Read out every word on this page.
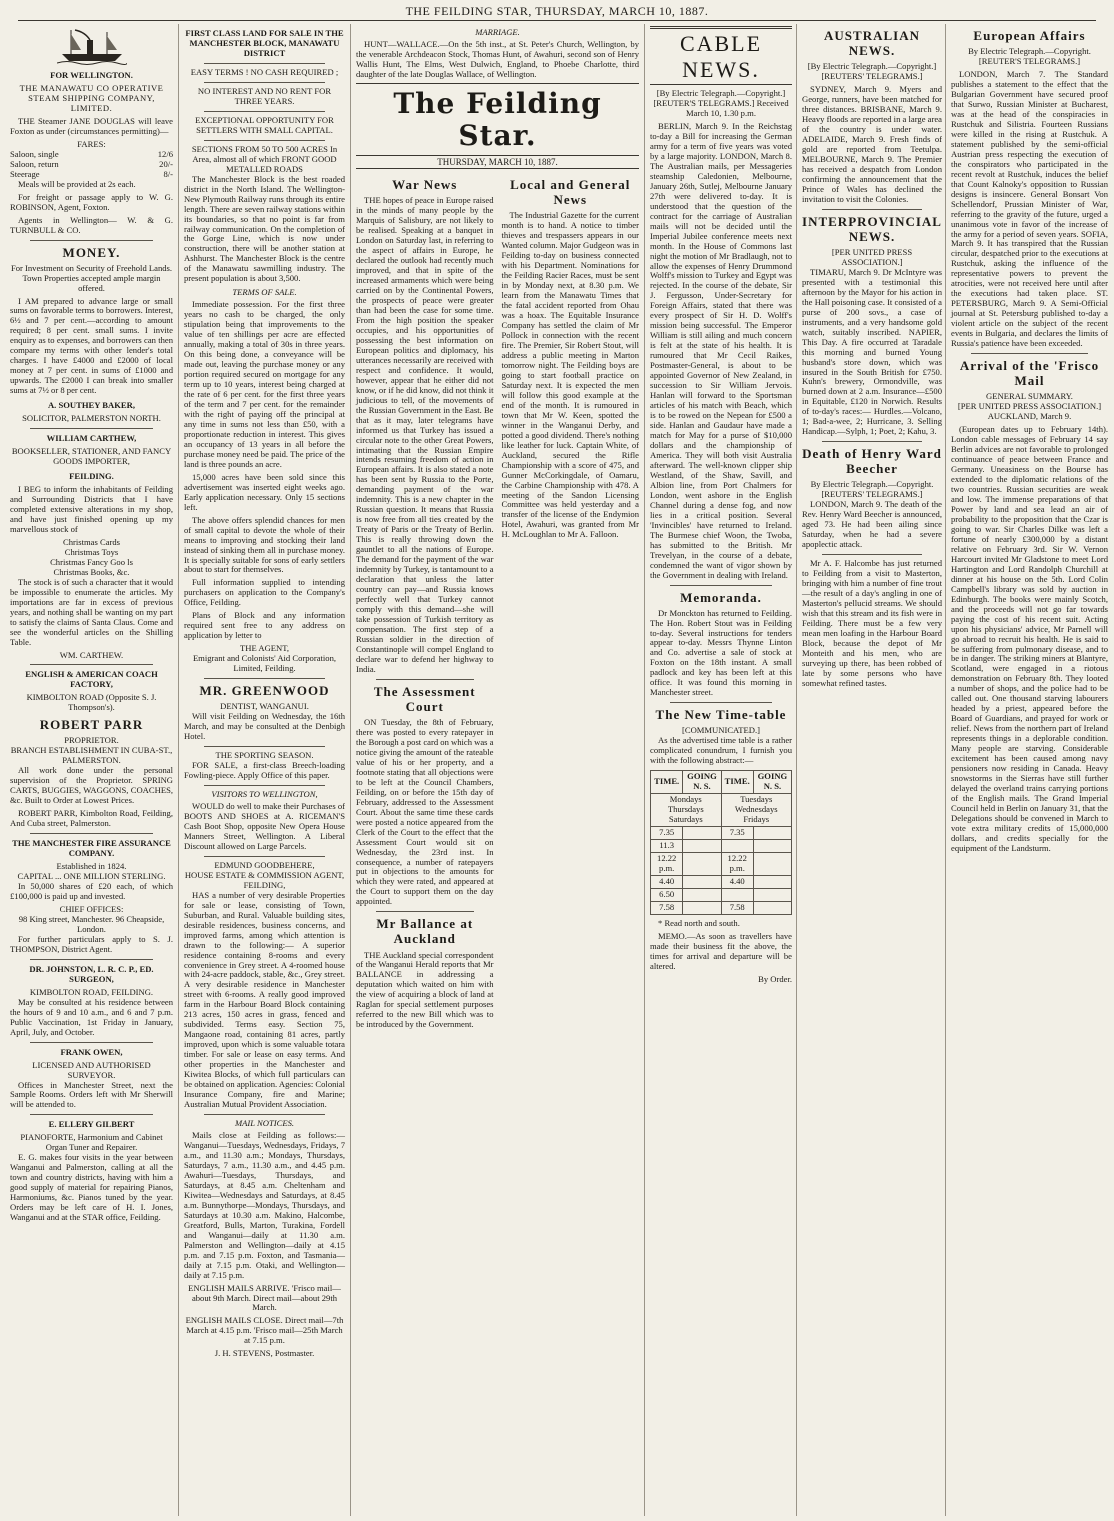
THE FEILDING STAR, THURSDAY, MARCH 10, 1887.
FOR WELLINGTON.

THE MANAWATU CO OPERATIVE STEAM SHIPPING COMPANY, LIMITED.

THE Steamer JANE DOUGLAS will leave Foxton as under (circumstances permitting)—

FARES:
Saloon, single	12/6
Saloon, return	20/-
Steerage	8/-

Meals will be provided at 2s each.

For freight or passage apply to W. G. ROBINSON, Agent, Foxton.

Agents in Wellington— W. & G. TURNBULL & CO.

MONEY.

For Investment on Security of Freehold Lands. Town Properties accepted ample margin offered.

I AM prepared to advance large or small sums on favorable terms to borrowers. Interest, 6½ and 7 per cent.—according to amount required; 8 per cent. small sums. I invite enquiry as to expenses, and borrowers can then compare my terms with other lender's total charges. I have £4000 and £2000 of local money at 7 per cent. in sums of £1000 and upwards. The £2000 I can break into smaller sums at 7½ or 8 per cent.

A. SOUTHEY BAKER,
SOLICITOR, PALMERSTON NORTH.
WILLIAM CARTHEW,
BOOKSELLER, STATIONER, AND FANCY GOODS IMPORTER,
FEILDING.

I BEG to inform the inhabitants of Feilding and Surrounding Districts that I have completed extensive alterations in my shop, and have just finished opening up my marvellous stock of

Christmas Cards
Christmas Toys
Christmas Fancy Goo ls
Christmas Books, &c.

The stock is of such a character that it would be impossible to enumerate the articles. My importations are far in excess of previous years, and nothing shall be wanting on my part to satisfy the claims of Santa Claus. Come and see the wonderful articles on the Shilling Table.

WM. CARTHEW.
ENGLISH & AMERICAN COACH FACTORY,
KIMBOLTON ROAD (Opposite S. J. Thompson's).
ROBERT PARR
PROPRIETOR.
BRANCH ESTABLISHMENT IN CUBA-ST., PALMERSTON.

All work done under the personal supervision of the Proprietor. SPRING CARTS, BUGGIES, WAGGONS, COACHES, &c. Built to Order at Lowest Prices.

ROBERT PARR, Kimbolton Road, Feilding, And Cuba street, Palmerston.

THE MANCHESTER FIRE ASSURANCE COMPANY.
Established in 1824.
CAPITAL ... ONE MILLION STERLING.

In 50,000 shares of £20 each, of which £100,000 is paid up and invested.

CHIEF OFFICES:
98 King street, Manchester. 96 Cheapside, London.

For further particulars apply to S. J. THOMPSON, District Agent.

DR. JOHNSTON, L. R. C. P., ED. SURGEON,
KIMBOLTON ROAD, FEILDING.

May be consulted at his residence between the hours of 9 and 10 a.m., and 6 and 7 p.m. Public Vaccination, 1st Friday in January, April, July, and October.

FRANK OWEN,
LICENSED AND AUTHORISED SURVEYOR.

Offices in Manchester Street, next the Sample Rooms. Orders left with Mr Sherwill will be attended to.

E. ELLERY GILBERT
PIANOFORTE, Harmonium and Cabinet Organ Tuner and Repairer.

E. G. makes four visits in the year between Wanganui and Palmerston, calling at all the town and country districts, having with him a good supply of material for repairing Pianos, Harmoniums, &c. Pianos tuned by the year. Orders may be left care of H. I. Jones, Wanganui and at the STAR office, Feilding.

FIRST CLASS LAND FOR SALE IN THE MANCHESTER BLOCK, MANAWATU DISTRICT
EASY TERMS ! NO CASH REQUIRED ;
NO INTEREST AND NO RENT FOR THREE YEARS.
EXCEPTIONAL OPPORTUNITY FOR SETTLERS WITH SMALL CAPITAL.
SECTIONS FROM 50 TO 500 ACRES In Area, almost all of which FRONT GOOD METALLED ROADS

The Manchester Block is the best roaded district in the North Island. The Wellington-New Plymouth Railway runs through its entire length. There are seven railway stations within its boundaries, so that no point is far from railway communication. On the completion of the Gorge Line, which is now under construction, there will be another station at Ashhurst. The Manchester Block is the centre of the Manawatu sawmilling industry. The present population is about 3,500.

TERMS OF SALE.

Immediate possession. For the first three years no cash to be charged, the only stipulation being that improvements to the value of ten shillings per acre are effected annually, making a total of 30s in three years. On this being done, a conveyance will be made out, leaving the purchase money or any portion required secured on mortgage for any term up to 10 years, interest being charged at the rate of 6 per cent. for the first three years of the term and 7 per cent. for the remainder with the right of paying off the principal at any time in sums not less than £50, with a proportionate reduction in interest. This gives an occupancy of 13 years in all before the purchase money need be paid. The price of the land is three pounds an acre.

15,000 acres have been sold since this advertisement was inserted eight weeks ago. Early application necessary. Only 15 sections left.

The above offers splendid chances for men of small capital to devote the whole of their means to improving and stocking their land instead of sinking them all in purchase money. It is specially suitable for sons of early settlers about to start for themselves.

Full information supplied to intending purchasers on application to the Company's Office, Feilding.

Plans of Block and any information required sent free to any address on application by letter to

THE AGENT,
Emigrant and Colonists' Aid Corporation, Limited, Feilding.
MR. GREENWOOD
DENTIST, WANGANUI.

Will visit Feilding on Wednesday, the 16th March, and may be consulted at the Denbigh Hotel.

THE SPORTING SEASON.

FOR SALE, a first-class Breech-loading Fowling-piece. Apply Office of this paper.

VISITORS TO WELLINGTON,

WOULD do well to make their Purchases of BOOTS AND SHOES at A. RICEMAN'S Cash Boot Shop, opposite New Opera House Manners Street, Wellington. A Liberal Discount allowed on Large Parcels.

EDMUND GOODBEHERE,
HOUSE ESTATE & COMMISSION AGENT, FEILDING,

HAS a number of very desirable Properties for sale or lease, consisting of Town, Suburban, and Rural. Valuable building sites, desirable residences, business concerns, and improved farms, among which attention is drawn to the following:— A superior residence containing 8-rooms and every convenience in Grey street. A 4-roomed house with 24-acre paddock, stable, &c., Grey street. A very desirable residence in Manchester street with 6-rooms. A really good improved farm in the Harbour Board Block containing 213 acres, 150 acres in grass, fenced and subdivided. Terms easy. Section 75, Mangaone road, containing 81 acres, partly improved, upon which is some valuable totara timber. For sale or lease on easy terms. And other properties in the Manchester and Kiwitea Blocks, of which full particulars can be obtained on application. Agencies: Colonial Insurance Company, fire and Marine; Australian Mutual Provident Association.

MAIL NOTICES.

Mails close at Feilding as follows:— Wanganui—Tuesdays, Wednesdays, Fridays, 7 a.m., and 11.30 a.m.; Mondays, Thursdays, Saturdays, 7 a.m., 11.30 a.m., and 4.45 p.m. Awahuri—Tuesdays, Thursdays, and Saturdays, at 8.45 a.m. Cheltenham and Kiwitea—Wednesdays and Saturdays, at 8.45 a.m. Bunnythorpe—Mondays, Thursdays, and Saturdays at 10.30 a.m. Makino, Halcombe, Greatford, Bulls, Marton, Turakina, Fordell and Wanganui—daily at 11.30 a.m. Palmerston and Wellington—daily at 4.15 p.m. and 7.15 p.m. Foxton, and Tasmania—daily at 7.15 p.m. Otaki, and Wellington—daily at 7.15 p.m.

ENGLISH MAILS ARRIVE. 'Frisco mail—about 9th March. Direct mail—about 29th March.

ENGLISH MAILS CLOSE. Direct mail—7th March at 4.15 p.m. 'Frisco mail—25th March at 7.15 p.m.

J. H. STEVENS, Postmaster.
MARRIAGE.

HUNT—WALLACE.—On the 5th inst., at St. Peter's Church, Wellington, by the venerable Archdeacon Stock, Thomas Hunt, of Awahuri, second son of Henry Wallis Hunt, The Elms, West Dulwich, England, to Phoebe Charlotte, third daughter of the late Douglas Wallace, of Wellington.

The Feilding Star.
THURSDAY, MARCH 10, 1887.
War News

THE hopes of peace in Europe raised in the minds of many people by the Marquis of Salisbury, are not likely to be realised. Speaking at a banquet in London on Saturday last, in referring to the aspect of affairs in Europe, he declared the outlook had recently much improved, and that in spite of the increased armaments which were being carried on by the Continental Powers, the prospects of peace were greater than had been the case for some time. From the high position the speaker occupies, and his opportunities of possessing the best information on European politics and diplomacy, his utterances necessarily are received with respect and confidence. It would, however, appear that he either did not know, or if he did know, did not think it judicious to tell, of the movements of the Russian Government in the East. Be that as it may, later telegrams have informed us that Turkey has issued a circular note to the other Great Powers, intimating that the Russian Empire intends resuming freedom of action in European affairs. It is also stated a note has been sent by Russia to the Porte, demanding payment of the war indemnity. This is a new chapter in the Russian question. It means that Russia is now free from all ties created by the Treaty of Paris or the Treaty of Berlin. This is really throwing down the gauntlet to all the nations of Europe. The demand for the payment of the war indemnity by Turkey, is tantamount to a declaration that unless the latter country can pay—and Russia knows perfectly well that Turkey cannot comply with this demand—she will take possession of Turkish territory as compensation. The first step of a Russian soldier in the direction of Constantinople will compel England to declare war to defend her highway to India.

The Assessment Court

ON Tuesday, the 8th of February, there was posted to every ratepayer in the Borough a post card on which was a notice giving the amount of the rateable value of his or her property, and a footnote stating that all objections were to be left at the Council Chambers, Feilding, on or before the 15th day of February, addressed to the Assessment Court. About the same time these cards were posted a notice appeared from the Clerk of the Court to the effect that the Assessment Court would sit on Wednesday, the 23rd inst. In consequence, a number of ratepayers put in objections to the amounts for which they were rated, and appeared at the Court to support them on the day appointed.

Mr Ballance at Auckland

THE Auckland special correspondent of the Wanganui Herald reports that Mr BALLANCE in addressing a deputation which waited on him with the view of acquiring a block of land at Raglan for special settlement purposes referred to the new Bill which was to be introduced by the Government.

Local and General News

The Industrial Gazette for the current month is to hand. A notice to timber thieves and trespassers appears in our Wanted column. Major Gudgeon was in Feilding to-day on business connected with his Department. Nominations for the Feilding Racier Races, must be sent in by Monday next, at 8.30 p.m. We learn from the Manawatu Times that the fatal accident reported from Ohau was a hoax. The Equitable Insurance Company has settled the claim of Mr Pollock in connection with the recent fire. The Premier, Sir Robert Stout, will address a public meeting in Marton tomorrow night. The Feilding boys are going to start football practice on Saturday next. It is expected the men will follow this good example at the end of the month. It is rumoured in town that Mr W. Keen, spotted the winner in the Wanganui Derby, and potted a good dividend. There's nothing like leather for luck. Captain White, of Auckland, secured the Rifle Championship with a score of 475, and Gunner McCorkingdale, of Oamaru, the Carbine Championship with 478. A meeting of the Sandon Licensing Committee was held yesterday and a transfer of the license of the Endymion Hotel, Awahuri, was granted from Mr H. McLoughlan to Mr A. Falloon.

CABLE NEWS.

[By Electric Telegraph.—Copyright.] [REUTER'S TELEGRAMS.] Received March 10, 1.30 p.m.

BERLIN, March 9. In the Reichstag to-day a Bill for increasing the German army for a term of five years was voted by a large majority. LONDON, March 8. The Australian mails, per Messageries steamship Caledonien, Melbourne, January 26th, Sutlej, Melbourne January 27th were delivered to-day. It is understood that the question of the contract for the carriage of Australian mails will not be decided until the Imperial Jubilee conference meets next month. In the House of Commons last night the motion of Mr Bradlaugh, not to allow the expenses of Henry Drummond Wolff's mission to Turkey and Egypt was rejected. In the course of the debate, Sir J. Fergusson, Under-Secretary for Foreign Affairs, stated that there was every prospect of Sir H. D. Wolff's mission being successful. The Emperor William is still ailing and much concern is felt at the state of his health. It is rumoured that Mr Cecil Raikes, Postmaster-General, is about to be appointed Governor of New Zealand, in succession to Sir William Jervois. Hanlan will forward to the Sportsman articles of his match with Beach, which is to be rowed on the Nepean for £500 a side. Hanlan and Gaudaur have made a match for May for a purse of $10,000 dollars and the championship of America. They will both visit Australia afterward. The well-known clipper ship Westland, of the Shaw, Savill, and Albion line, from Port Chalmers for London, went ashore in the English Channel during a dense fog, and now lies in a critical position. Several 'Invincibles' have returned to Ireland. The Burmese chief Woon, the Twoba, has submitted to the British. Mr Trevelyan, in the course of a debate, condemned the want of vigor shown by the Government in dealing with Ireland.

Memoranda.

Dr Monckton has returned to Feilding. The Hon. Robert Stout was in Feilding to-day. Several instructions for tenders appear to-day. Messrs Thynne Linton and Co. advertise a sale of stock at Foxton on the 18th instant. A small padlock and key has been left at this office. It was found this morning in Manchester street.

The New Time-table
[COMMUNICATED.]

As the advertised time table is a rather complicated conundrum, I furnish you with the following abstract:—

TIME.	GOING N. S.	TIME.	GOING N. S.
Mondays Thursdays Saturdays		Tuesdays Wednesdays Fridays	
7.35		7.35	
11.3			
12.22 p.m.		12.22 p.m.	
4.40		4.40	
6.50			
7.58		7.58	

* Read north and south.

MEMO.—As soon as travellers have made their business fit the above, the times for arrival and departure will be altered.

By Order.
AUSTRALIAN NEWS.

[By Electric Telegraph.—Copyright.] [REUTERS' TELEGRAMS.]

SYDNEY, March 9. Myers and George, runners, have been matched for three distances. BRISBANE, March 9. Heavy floods are reported in a large area of the country is under water. ADELAIDE, March 9. Fresh finds of gold are reported from Teetulpa. MELBOURNE, March 9. The Premier has received a despatch from London confirming the announcement that the Prince of Wales has declined the invitation to visit the Colonies.

INTERPROVINCIAL NEWS.
[PER UNITED PRESS ASSOCIATION.]

TIMARU, March 9. Dr McIntyre was presented with a testimonial this afternoon by the Mayor for his action in the Hall poisoning case. It consisted of a purse of 200 sovs., a case of instruments, and a very handsome gold watch, suitably inscribed. NAPIER, This Day. A fire occurred at Taradale this morning and burned Young husband's store down, which was insured in the South British for £750. Kuhn's brewery, Ormondville, was burned down at 2 a.m. Insurance—£500 in Equitable, £120 in Norwich. Results of to-day's races:— Hurdles.—Volcano, 1; Bad-a-wee, 2; Hurricane, 3. Selling Handicap.—Sylph, 1; Poet, 2; Kahu, 3.

Death of Henry Ward Beecher
By Electric Telegraph.—Copyright. [REUTERS' TELEGRAMS.]

LONDON, March 9. The death of the Rev. Henry Ward Beecher is announced, aged 73. He had been ailing since Saturday, when he had a severe apoplectic attack.

Mr A. F. Halcombe has just returned to Feilding from a visit to Masterton, bringing with him a number of fine trout—the result of a day's angling in one of Masterton's pellucid streams. We should wish that this stream and its fish were in Feilding. There must be a few very mean men loafing in the Harbour Board Block, because the depot of Mr Monteith and his men, who are surveying up there, has been robbed of late by some persons who have somewhat refined tastes.

European Affairs

By Electric Telegraph.—Copyright. [REUTER'S TELEGRAMS.]

LONDON, March 7. The Standard publishes a statement to the effect that the Bulgarian Government have secured proof that Surwo, Russian Minister at Bucharest, was at the head of the conspiracies in Rustchuk and Silistria. Fourteen Russians were killed in the rising at Rustchuk. A statement published by the semi-official Austrian press respecting the execution of the conspirators who participated in the recent revolt at Rustchuk, induces the belief that Count Kalnoky's opposition to Russian designs is insincere. General Bonsart Von Schellendorf, Prussian Minister of War, referring to the gravity of the future, urged a unanimous vote in favor of the increase of the army for a period of seven years. SOFIA, March 9. It has transpired that the Russian circular, despatched prior to the executions at Rustchuk, asking the influence of the representative powers to prevent the atrocities, were not received here until after the executions had taken place. ST. PETERSBURG, March 9. A Semi-Official journal at St. Petersburg published to-day a violent article on the subject of the recent events in Bulgaria, and declares the limits of Russia's patience have been exceeded.

Arrival of the 'Frisco Mail
GENERAL SUMMARY.

[PER UNITED PRESS ASSOCIATION.] AUCKLAND, March 9.

(European dates up to February 14th). London cable messages of February 14 say Berlin advices are not favorable to prolonged continuance of peace between France and Germany. Uneasiness on the Bourse has extended to the diplomatic relations of the two countries. Russian securities are weak and low. The immense preparations of that Power by land and sea lead an air of probability to the proposition that the Czar is going to war. Sir Charles Dilke was left a fortune of nearly £300,000 by a distant relative on February 3rd. Sir W. Vernon Harcourt invited Mr Gladstone to meet Lord Hartington and Lord Randolph Churchill at dinner at his house on the 5th. Lord Colin Campbell's library was sold by auction in Edinburgh. The books were mainly Scotch, and the proceeds will not go far towards paying the cost of his recent suit. Acting upon his physicians' advice, Mr Parnell will go abroad to recruit his health. He is said to be suffering from pulmonary disease, and to be in danger. The striking miners at Blantyre, Scotland, were engaged in a riotous demonstration on February 8th. They looted a number of shops, and the police had to be called out. One thousand starving labourers headed by a priest, appeared before the Board of Guardians, and prayed for work or relief. News from the northern part of Ireland represents things in a deplorable condition. Many people are starving. Considerable excitement has been caused among navy pensioners now residing in Canada. Heavy snowstorms in the Sierras have still further delayed the overland trains carrying portions of the English mails. The Grand Imperial Council held in Berlin on January 31, that the Delegations should be convened in March to vote extra military credits of 15,000,000 dollars, and credits specially for the equipment of the Landsturm.
